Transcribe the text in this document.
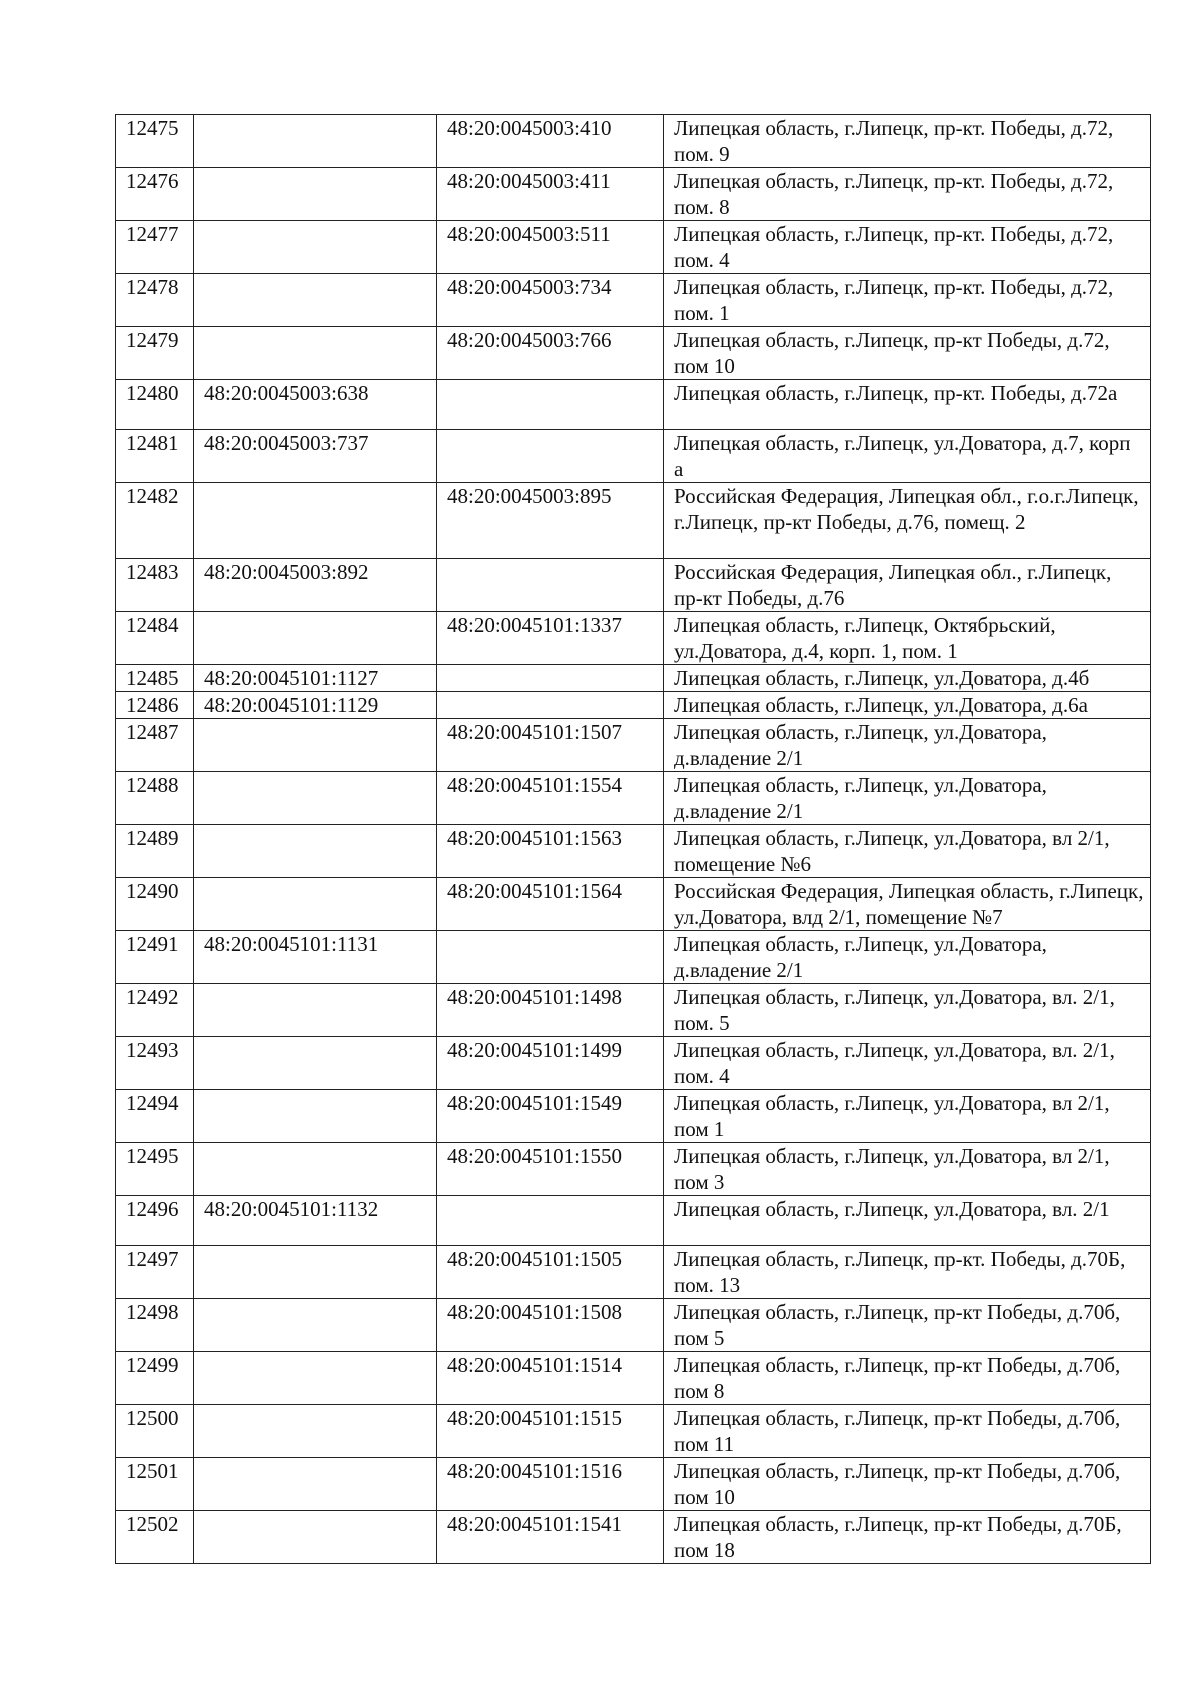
12475		48:20:0045003:410	Липецкая область, г.Липецк, пр-кт. Победы, д.72, пом. 9
12476		48:20:0045003:411	Липецкая область, г.Липецк, пр-кт. Победы, д.72, пом. 8
12477		48:20:0045003:511	Липецкая область, г.Липецк, пр-кт. Победы, д.72, пом. 4
12478		48:20:0045003:734	Липецкая область, г.Липецк, пр-кт. Победы, д.72, пом. 1
12479		48:20:0045003:766	Липецкая область, г.Липецк, пр-кт Победы, д.72, пом 10
12480	48:20:0045003:638		Липецкая область, г.Липецк, пр-кт. Победы, д.72а
12481	48:20:0045003:737		Липецкая область, г.Липецк, ул.Доватора, д.7, корп а
12482		48:20:0045003:895	Российская Федерация, Липецкая обл., г.о.г.Липецк, г.Липецк, пр-кт Победы, д.76, помещ. 2
12483	48:20:0045003:892		Российская Федерация, Липецкая обл., г.Липецк, пр-кт Победы, д.76
12484		48:20:0045101:1337	Липецкая область, г.Липецк, Октябрьский, ул.Доватора, д.4, корп. 1, пом. 1
12485	48:20:0045101:1127		Липецкая область, г.Липецк, ул.Доватора, д.4б
12486	48:20:0045101:1129		Липецкая область, г.Липецк, ул.Доватора, д.6а
12487		48:20:0045101:1507	Липецкая область, г.Липецк, ул.Доватора, д.владение 2/1
12488		48:20:0045101:1554	Липецкая область, г.Липецк, ул.Доватора, д.владение 2/1
12489		48:20:0045101:1563	Липецкая область, г.Липецк, ул.Доватора, вл 2/1, помещение №6
12490		48:20:0045101:1564	Российская Федерация, Липецкая область, г.Липецк, ул.Доватора, влд 2/1, помещение №7
12491	48:20:0045101:1131		Липецкая область, г.Липецк, ул.Доватора, д.владение 2/1
12492		48:20:0045101:1498	Липецкая область, г.Липецк, ул.Доватора, вл. 2/1, пом. 5
12493		48:20:0045101:1499	Липецкая область, г.Липецк, ул.Доватора, вл. 2/1, пом. 4
12494		48:20:0045101:1549	Липецкая область, г.Липецк, ул.Доватора, вл 2/1, пом 1
12495		48:20:0045101:1550	Липецкая область, г.Липецк, ул.Доватора, вл 2/1, пом 3
12496	48:20:0045101:1132		Липецкая область, г.Липецк, ул.Доватора, вл. 2/1
12497		48:20:0045101:1505	Липецкая область, г.Липецк, пр-кт. Победы, д.70Б, пом. 13
12498		48:20:0045101:1508	Липецкая область, г.Липецк, пр-кт Победы, д.70б, пом 5
12499		48:20:0045101:1514	Липецкая область, г.Липецк, пр-кт Победы, д.70б, пом 8
12500		48:20:0045101:1515	Липецкая область, г.Липецк, пр-кт Победы, д.70б, пом 11
12501		48:20:0045101:1516	Липецкая область, г.Липецк, пр-кт Победы, д.70б, пом 10
12502		48:20:0045101:1541	Липецкая область, г.Липецк, пр-кт Победы, д.70Б, пом 18
